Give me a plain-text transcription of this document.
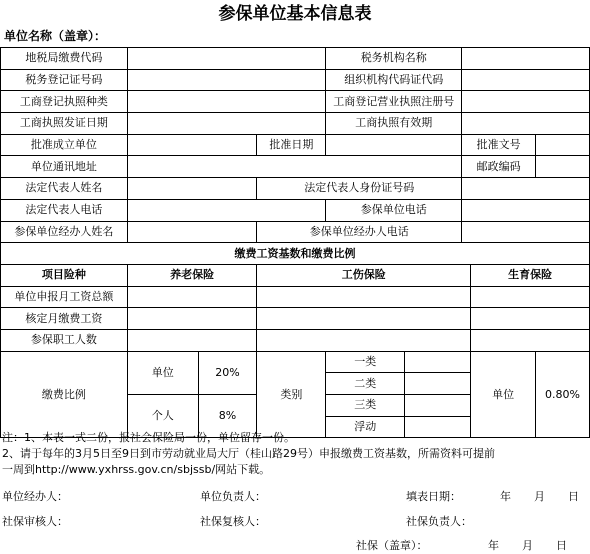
参保单位基本信息表
单位名称（盖章）：
地税局缴费代码				税务机构名称				
税务登记证号码				组织机构代码证代码				
工商登记执照种类				工商登记营业执照注册号				
工商执照发证日期				工商执照有效期				
批准成立单位			批准日期			批准文号		
单位通讯地址						邮政编码		
法定代表人姓名			法定代表人身份证号码					
法定代表人电话				参保单位电话				
参保单位经办人姓名			参保单位经办人电话					
缴费工资基数和缴费比例								
项目险种	养老保险		工伤保险				生育保险	
单位申报月工资总额								
核定月缴费工资								
参保职工人数								
缴费比例	单位	20%	类别	一类			单位	0.80%
				二类				
	个人	8%		三类				
				浮动				
注：1、本表一式二份，报社会保险局一份，单位留存一份。
2、请于每年的3月5日至9日到市劳动就业局大厅（桂山路29号）申报缴费工资基数，所需资料可提前
一周到http://www.yxhrss.gov.cn/sbjssb/网站下载。
单位经办人：	单位负责人：	填表日期：	年 月 日
社保审核人：	社保复核人：	社保负责人：
社保（盖章）：	年 月 日
